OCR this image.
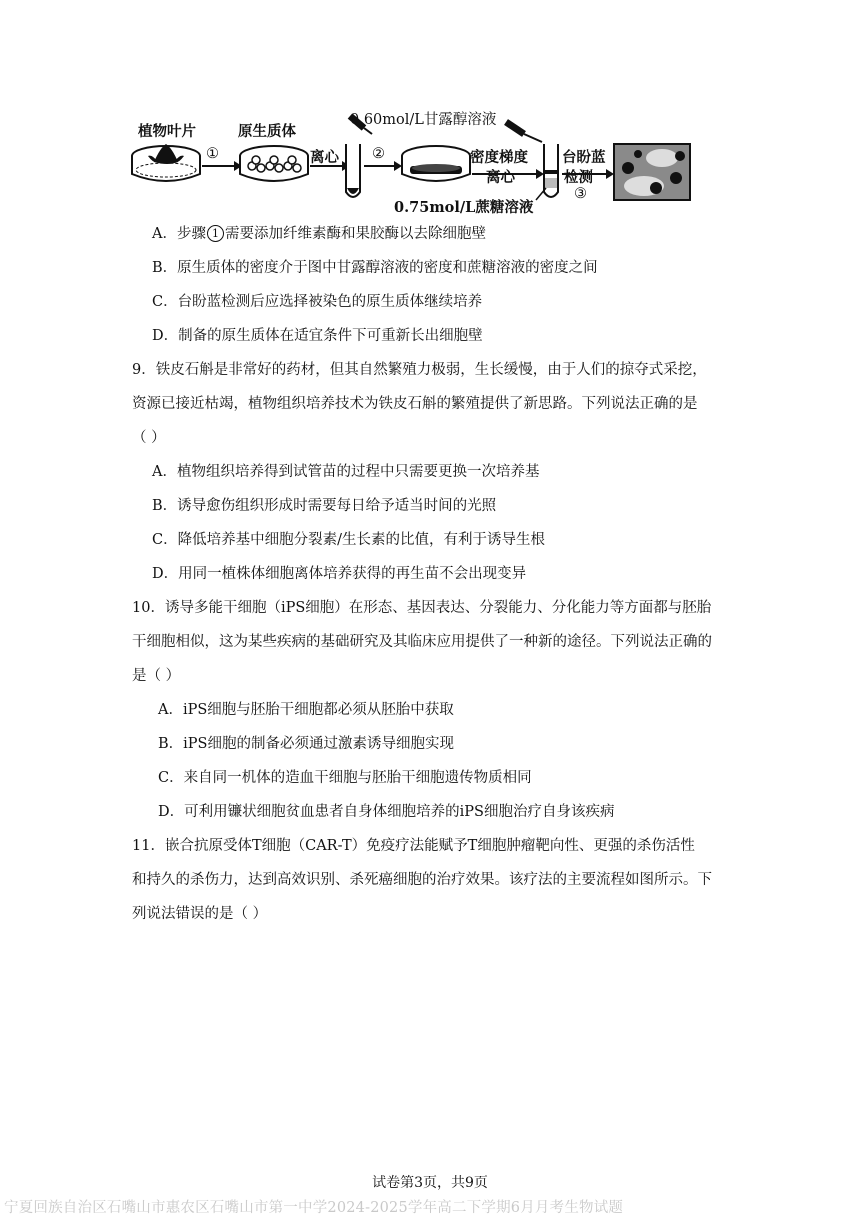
植物叶片	原生质体
①	离心 ②
0.60mol/L甘露醇溶液
密度梯度
离心
0.75mol/L蔗糖溶液
台盼蓝
检测
③
A．步骤 1 需要添加纤维素酶和果胶酶以去除细胞壁
B．原生质体的密度介于图中甘露醇溶液的密度和蔗糖溶液的密度之间
C．台盼蓝检测后应选择被染色的原生质体继续培养
D．制备的原生质体在适宜条件下可重新长出细胞壁
9．铁皮石斛是非常好的药材，但其自然繁殖力极弱，生长缓慢，由于人们的掠夺式采挖，
资源已接近枯竭，植物组织培养技术为铁皮石斛的繁殖提供了新思路。下列说法正确的是
（ ）
A．植物组织培养得到试管苗的过程中只需要更换一次培养基
B．诱导愈伤组织形成时需要每日给予适当时间的光照
C．降低培养基中细胞分裂素/生长素的比值，有利于诱导生根
D．用同一植株体细胞离体培养获得的再生苗不会出现变异
10．诱导多能干细胞（iPS细胞）在形态、基因表达、分裂能力、分化能力等方面都与胚胎
干细胞相似，这为某些疾病的基础研究及其临床应用提供了一种新的途径。下列说法正确的
是（ ）
A．iPS细胞与胚胎干细胞都必须从胚胎中获取
B．iPS细胞的制备必须通过激素诱导细胞实现
C．来自同一机体的造血干细胞与胚胎干细胞遗传物质相同
D．可利用镰状细胞贫血患者自身体细胞培养的iPS细胞治疗自身该疾病
11．嵌合抗原受体T细胞（CAR-T）免疫疗法能赋予T细胞肿瘤靶向性、更强的杀伤活性
和持久的杀伤力，达到高效识别、杀死癌细胞的治疗效果。该疗法的主要流程如图所示。下
列说法错误的是（ ）
试卷第3页，共9页
宁夏回族自治区石嘴山市惠农区石嘴山市第一中学2024-2025学年高二下学期6月月考生物试题
